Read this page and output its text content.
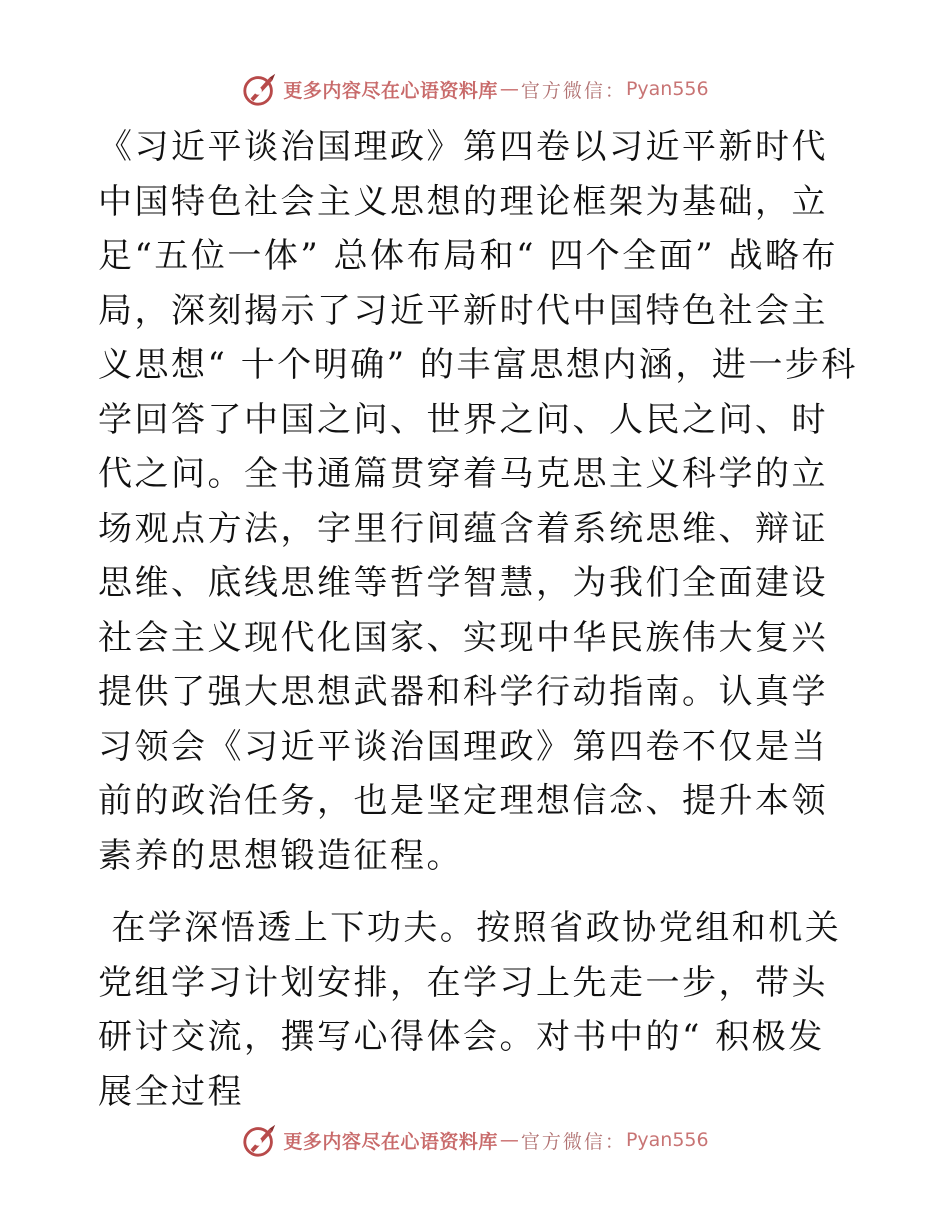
更多内容尽在心语资料库 — 官方微信： Pyan556

《习近平谈治国理政》第四卷以习近平新时代中国特色社会主义思想的理论框架为基础，立足“五位一体” 总体布局和“ 四个全面” 战略布局，深刻揭示了习近平新时代中国特色社会主义思想“ 十个明确” 的丰富思想内涵，进一步科学回答了中国之问、世界之问、人民之问、时代之问。全书通篇贯穿着马克思主义科学的立场观点方法，字里行间蕴含着系统思维、辩证思维、底线思维等哲学智慧，为我们全面建设社会主义现代化国家、实现中华民族伟大复兴提供了强大思想武器和科学行动指南。认真学习领会《习近平谈治国理政》第四卷不仅是当前的政治任务，也是坚定理想信念、提升本领素养的思想锻造征程。

在学深悟透上下功夫。按照省政协党组和机关党组学习计划安排，在学习上先走一步，带头研讨交流，撰写心得体会。对书中的“ 积极发展全过程

更多内容尽在心语资料库 — 官方微信： Pyan556
